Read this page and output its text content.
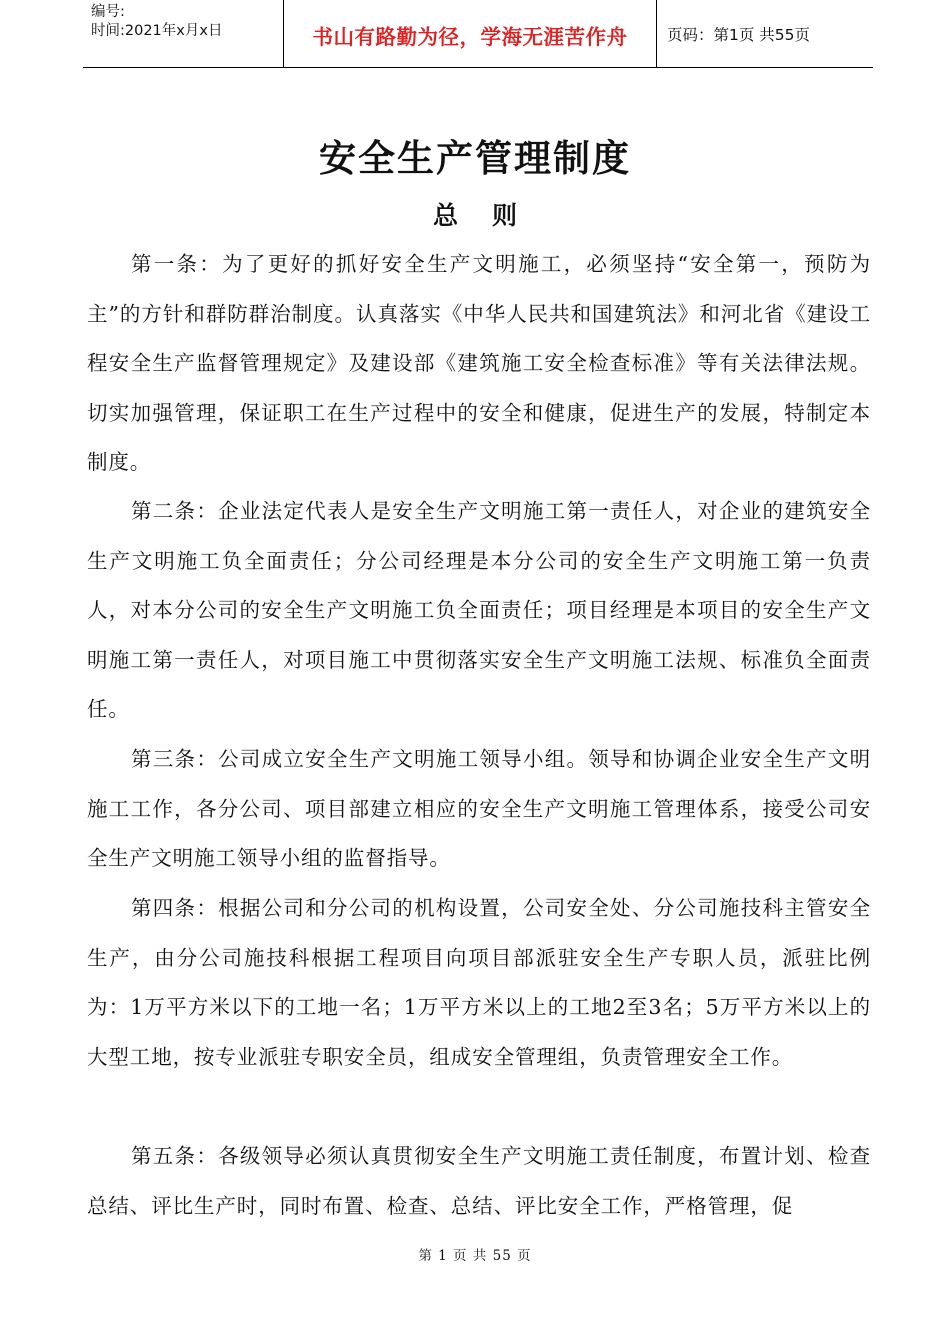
编号:
时间:2021年x月x日	书山有路勤为径，学海无涯苦作舟	页码：第1页 共55页
安全生产管理制度
总则

第一条：为了更好的抓好安全生产文明施工，必须坚持“安全第一，预防为主”的方针和群防群治制度。认真落实《中华人民共和国建筑法》和河北省《建设工程安全生产监督管理规定》及建设部《建筑施工安全检查标准》等有关法律法规。切实加强管理，保证职工在生产过程中的安全和健康，促进生产的发展，特制定本制度。

第二条：企业法定代表人是安全生产文明施工第一责任人，对企业的建筑安全生产文明施工负全面责任；分公司经理是本分公司的安全生产文明施工第一负责人，对本分公司的安全生产文明施工负全面责任；项目经理是本项目的安全生产文明施工第一责任人，对项目施工中贯彻落实安全生产文明施工法规、标准负全面责任。

第三条：公司成立安全生产文明施工领导小组。领导和协调企业安全生产文明施工工作，各分公司、项目部建立相应的安全生产文明施工管理体系，接受公司安全生产文明施工领导小组的监督指导。

第四条：根据公司和分公司的机构设置，公司安全处、分公司施技科主管安全生产，由分公司施技科根据工程项目向项目部派驻安全生产专职人员，派驻比例为：1万平方米以下的工地一名；1万平方米以上的工地2至3名；5万平方米以上的大型工地，按专业派驻专职安全员，组成安全管理组，负责管理安全工作。

第五条：各级领导必须认真贯彻安全生产文明施工责任制度，布置计划、检查总结、评比生产时，同时布置、检查、总结、评比安全工作，严格管理，促

第 1 页 共 55 页
